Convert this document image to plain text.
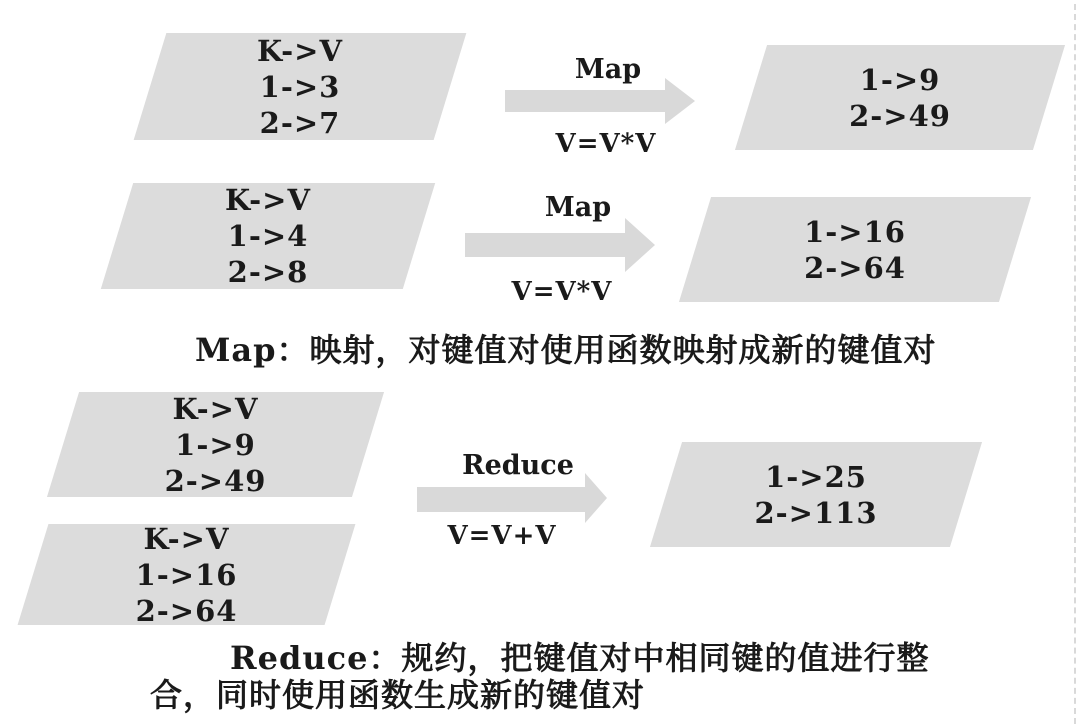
K->V
1->3
2->7
Map
V=V*V
1->9
2->49
K->V
1->4
2->8
Map
V=V*V
1->16
2->64
Map：映射，对键值对使用函数映射成新的键值对
K->V
1->9
2->49
K->V
1->16
2->64
Reduce
V=V+V
1->25
2->113
Reduce：规约，把键值对中相同键的值进行整
合，同时使用函数生成新的键值对
